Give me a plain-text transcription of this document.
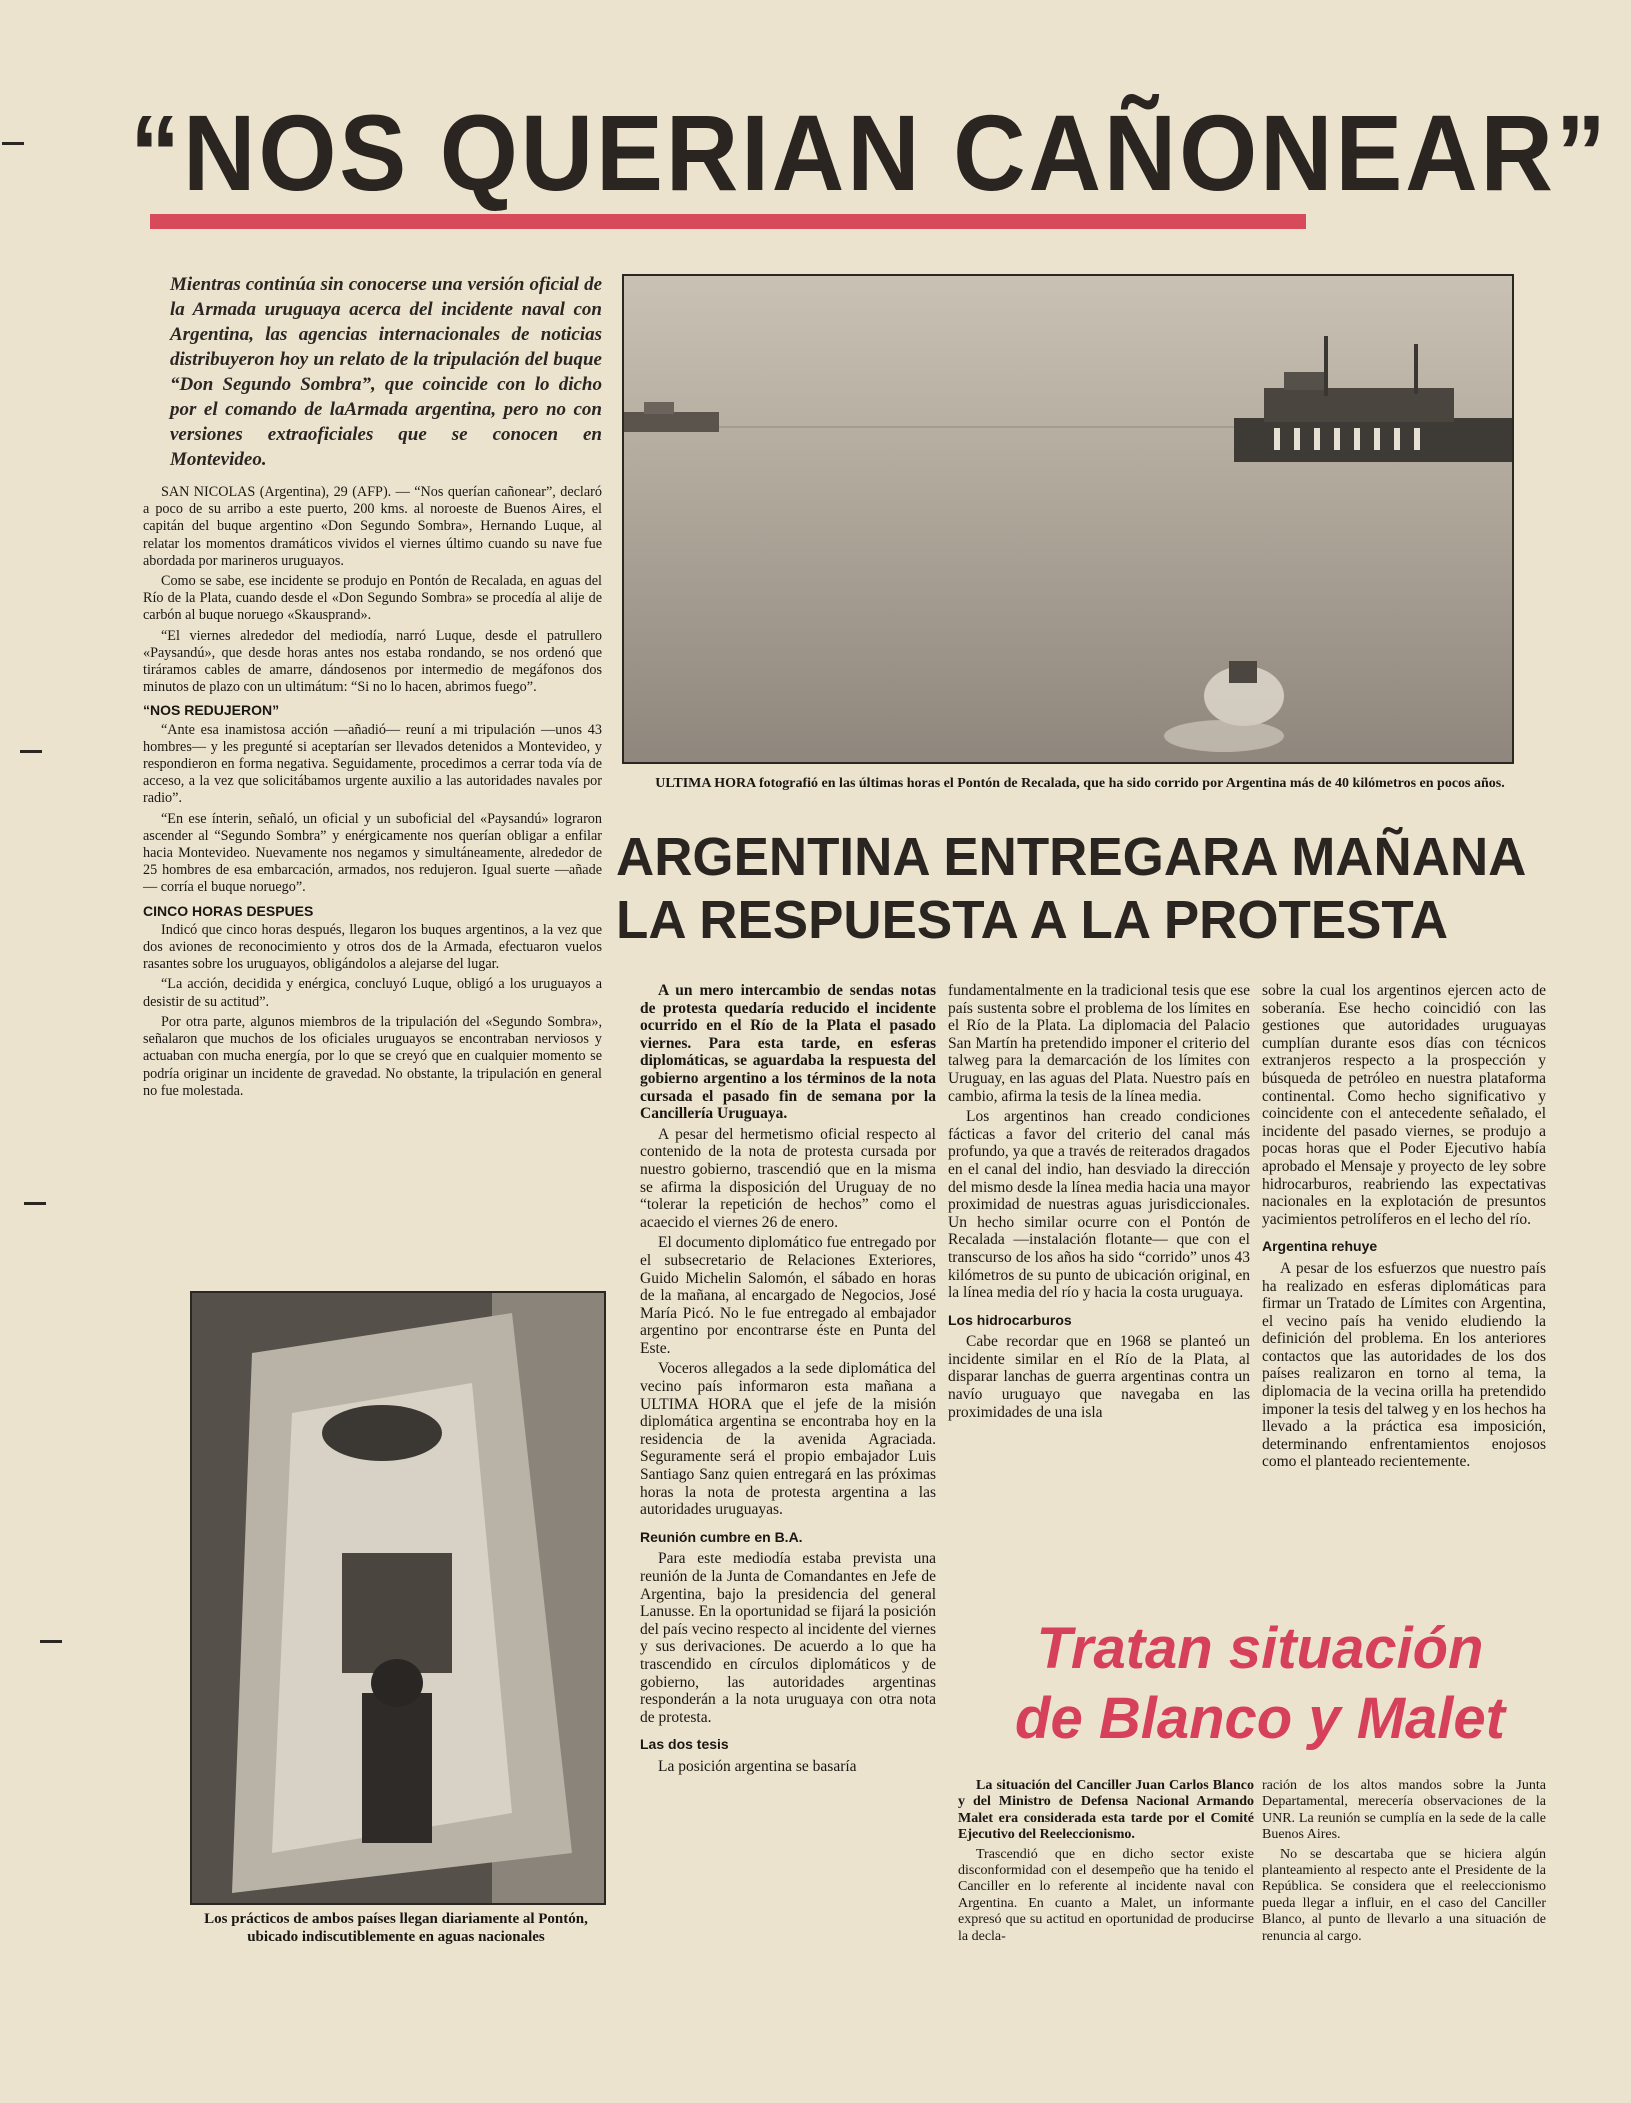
“NOS QUERIAN CAÑONEAR”
Mientras continúa sin conocerse una versión oficial de la Armada uruguaya acerca del incidente naval con Argentina, las agencias internacionales de noticias distribuyeron hoy un relato de la tripulación del buque “Don Segundo Sombra”, que coincide con lo dicho por el comando de laArmada argentina, pero no con versiones extraoficiales que se conocen en Montevideo.

SAN NICOLAS (Argentina), 29 (AFP). — “Nos querían cañonear”, declaró a poco de su arribo a este puerto, 200 kms. al noroeste de Buenos Aires, el capitán del buque argentino «Don Segundo Sombra», Hernando Luque, al relatar los momentos dramáticos vividos el viernes último cuando su nave fue abordada por marineros uruguayos.

Como se sabe, ese incidente se produjo en Pontón de Recalada, en aguas del Río de la Plata, cuando desde el «Don Segundo Sombra» se procedía al alije de carbón al buque noruego «Skausprand».

“El viernes alrededor del mediodía, narró Luque, desde el patrullero «Paysandú», que desde horas antes nos estaba rondando, se nos ordenó que tiráramos cables de amarre, dándosenos por intermedio de megáfonos dos minutos de plazo con un ultimátum: “Si no lo hacen, abrimos fuego”.

“NOS REDUJERON”

“Ante esa inamistosa acción —añadió— reuní a mi tripulación —unos 43 hombres— y les pregunté si aceptarían ser llevados detenidos a Montevideo, y respondieron en forma negativa. Seguidamente, procedimos a cerrar toda vía de acceso, a la vez que solicitábamos urgente auxilio a las autoridades navales por radio”.

“En ese ínterin, señaló, un oficial y un suboficial del «Paysandú» lograron ascender al “Segundo Sombra” y enérgicamente nos querían obligar a enfilar hacia Montevideo. Nuevamente nos negamos y simultáneamente, alrededor de 25 hombres de esa embarcación, armados, nos redujeron. Igual suerte —añade— corría el buque noruego”.

CINCO HORAS DESPUES

Indicó que cinco horas después, llegaron los buques argentinos, a la vez que dos aviones de reconocimiento y otros dos de la Armada, efectuaron vuelos rasantes sobre los uruguayos, obligándolos a alejarse del lugar.

“La acción, decidida y enérgica, concluyó Luque, obligó a los uruguayos a desistir de su actitud”.

Por otra parte, algunos miembros de la tripulación del «Segundo Sombra», señalaron que muchos de los oficiales uruguayos se encontraban nerviosos y actuaban con mucha energía, por lo que se creyó que en cualquier momento se podría originar un incidente de gravedad. No obstante, la tripulación en general no fue molestada.

ULTIMA HORA fotografió en las últimas horas el Pontón de Recalada, que ha sido corrido por Argentina más de 40 kilómetros en pocos años.
ARGENTINA ENTREGARA MAÑANA
LA RESPUESTA A LA PROTESTA

A un mero intercambio de sendas notas de protesta quedaría reducido el incidente ocurrido en el Río de la Plata el pasado viernes. Para esta tarde, en esferas diplomáticas, se aguardaba la respuesta del gobierno argentino a los términos de la nota cursada el pasado fin de semana por la Cancillería Uruguaya.

A pesar del hermetismo oficial respecto al contenido de la nota de protesta cursada por nuestro gobierno, trascendió que en la misma se afirma la disposición del Uruguay de no “tolerar la repetición de hechos” como el acaecido el viernes 26 de enero.

El documento diplomático fue entregado por el subsecretario de Relaciones Exteriores, Guido Michelin Salomón, el sábado en horas de la mañana, al encargado de Negocios, José María Picó. No le fue entregado al embajador argentino por encontrarse éste en Punta del Este.

Voceros allegados a la sede diplomática del vecino país informaron esta mañana a ULTIMA HORA que el jefe de la misión diplomática argentina se encontraba hoy en la residencia de la avenida Agraciada. Seguramente será el propio embajador Luis Santiago Sanz quien entregará en las próximas horas la nota de protesta argentina a las autoridades uruguayas.

Reunión cumbre en B.A.

Para este mediodía estaba prevista una reunión de la Junta de Comandantes en Jefe de Argentina, bajo la presidencia del general Lanusse. En la oportunidad se fijará la posición del país vecino respecto al incidente del viernes y sus derivaciones. De acuerdo a lo que ha trascendido en círculos diplomáticos y de gobierno, las autoridades argentinas responderán a la nota uruguaya con otra nota de protesta.

Las dos tesis

La posición argentina se basaría

fundamentalmente en la tradicional tesis que ese país sustenta sobre el problema de los límites en el Río de la Plata. La diplomacia del Palacio San Martín ha pretendido imponer el criterio del talweg para la demarcación de los límites con Uruguay, en las aguas del Plata. Nuestro país en cambio, afirma la tesis de la línea media.

Los argentinos han creado condiciones fácticas a favor del criterio del canal más profundo, ya que a través de reiterados dragados en el canal del indio, han desviado la dirección del mismo desde la línea media hacia una mayor proximidad de nuestras aguas jurisdiccionales. Un hecho similar ocurre con el Pontón de Recalada —instalación flotante— que con el transcurso de los años ha sido “corrido” unos 43 kilómetros de su punto de ubicación original, en la línea media del río y hacia la costa uruguaya.

Los hidrocarburos

Cabe recordar que en 1968 se planteó un incidente similar en el Río de la Plata, al disparar lanchas de guerra argentinas contra un navío uruguayo que navegaba en las proximidades de una isla

sobre la cual los argentinos ejercen acto de soberanía. Ese hecho coincidió con las gestiones que autoridades uruguayas cumplían durante esos días con técnicos extranjeros respecto a la prospección y búsqueda de petróleo en nuestra plataforma continental. Como hecho significativo y coincidente con el antecedente señalado, el incidente del pasado viernes, se produjo a pocas horas que el Poder Ejecutivo había aprobado el Mensaje y proyecto de ley sobre hidrocarburos, reabriendo las expectativas nacionales en la explotación de presuntos yacimientos petrolíferos en el lecho del río.

Argentina rehuye

A pesar de los esfuerzos que nuestro país ha realizado en esferas diplomáticas para firmar un Tratado de Límites con Argentina, el vecino país ha venido eludiendo la definición del problema. En los anteriores contactos que las autoridades de los dos países realizaron en torno al tema, la diplomacia de la vecina orilla ha pretendido imponer la tesis del talweg y en los hechos ha llevado a la práctica esa imposición, determinando enfrentamientos enojosos como el planteado recientemente.

Los prácticos de ambos países llegan diariamente al Pontón, ubicado indiscutiblemente en aguas nacionales
Tratan situación
de Blanco y Malet

La situación del Canciller Juan Carlos Blanco y del Ministro de Defensa Nacional Armando Malet era considerada esta tarde por el Comité Ejecutivo del Reeleccionismo.

Trascendió que en dicho sector existe disconformidad con el desempeño que ha tenido el Canciller en lo referente al incidente naval con Argentina. En cuanto a Malet, un informante expresó que su actitud en oportunidad de producirse la decla-

ración de los altos mandos sobre la Junta Departamental, merecería observaciones de la UNR. La reunión se cumplía en la sede de la calle Buenos Aires.

No se descartaba que se hiciera algún planteamiento al respecto ante el Presidente de la República. Se considera que el reeleccionismo pueda llegar a influir, en el caso del Canciller Blanco, al punto de llevarlo a una situación de renuncia al cargo.
